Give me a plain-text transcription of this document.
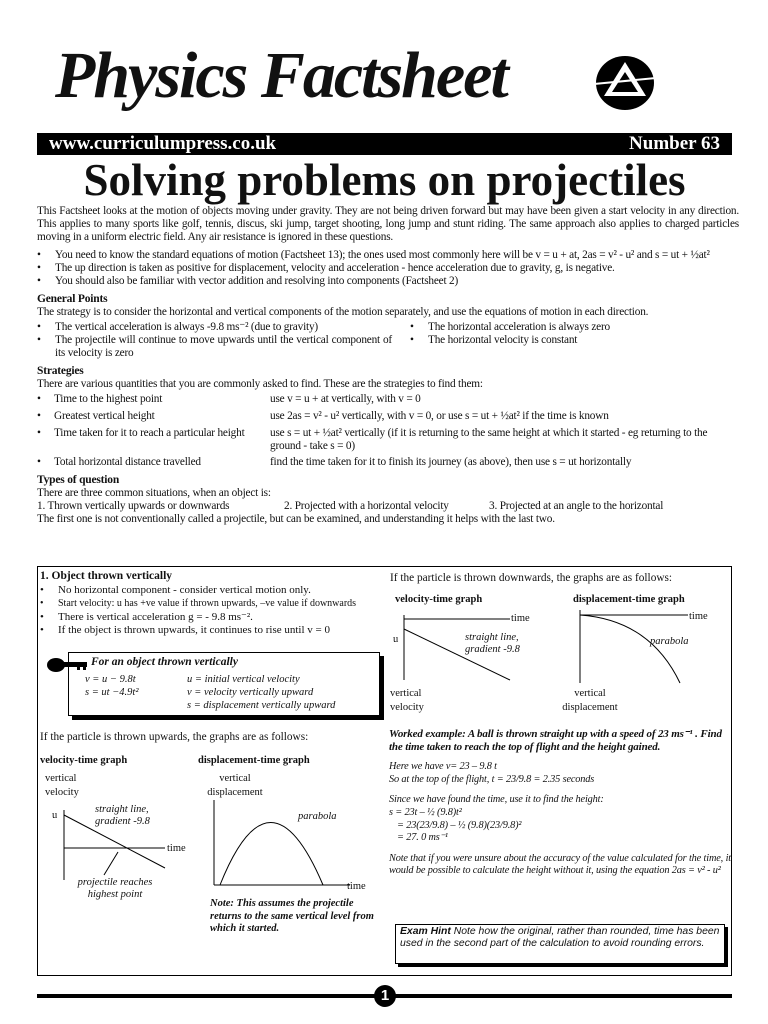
Physics Factsheet
www.curriculumpress.co.uk	Number 63
Solving problems on projectiles

This Factsheet looks at the motion of objects moving under gravity. They are not being driven forward but may have been given a start velocity in any direction. This applies to many sports like golf, tennis, discus, ski jump, target shooting, long jump and stunt riding. The same approach also applies to charged particles moving in a uniform electric field. Any air resistance is ignored in these questions.

• You need to know the standard equations of motion (Factsheet 13); the ones used most commonly here will be v = u + at, 2as = v² - u² and s = ut + ½at²
• The up direction is taken as positive for displacement, velocity and acceleration - hence acceleration due to gravity, g, is negative.
• You should also be familiar with vector addition and resolving into components (Factsheet 2)
General Points

The strategy is to consider the horizontal and vertical components of the motion separately, and use the equations of motion in each direction.

• The vertical acceleration is always -9.8 ms⁻² (due to gravity)
• The projectile will continue to move upwards until the vertical component of its velocity is zero
• The horizontal acceleration is always zero
• The horizontal velocity is constant
Strategies

There are various quantities that you are commonly asked to find. These are the strategies to find them:

• Time to the highest point	use v = u + at vertically, with v = 0
• Greatest vertical height	use 2as = v² - u² vertically, with v = 0, or use s = ut + ½at² if the time is known
• Time taken for it to reach a particular height	use s = ut + ½at² vertically (if it is returning to the same height at which it started - eg returning to the ground - take s = 0)
• Total horizontal distance travelled	find the time taken for it to finish its journey (as above), then use s = ut horizontally
Types of question

There are three common situations, when an object is:

1. Thrown vertically upwards or downwards	2. Projected with a horizontal velocity	3. Projected at an angle to the horizontal

The first one is not conventionally called a projectile, but can be examined, and understanding it helps with the last two.

1. Object thrown vertically
• No horizontal component - consider vertical motion only.
• Start velocity: u has +ve value if thrown upwards, –ve value if downwards
• There is vertical acceleration g = - 9.8 ms⁻².
• If the object is thrown upwards, it continues to rise until v = 0
For an object thrown vertically
v = u − 9.8t
s = ut −4.9t²
u = initial vertical velocity
v = velocity vertically upward
s = displacement vertically upward
If the particle is thrown upwards, the graphs are as follows:
velocity-time graph	displacement-time graph
vertical velocity
vertical displacement
u
straight line,
gradient -9.8
time
projectile reaches highest point
parabola
time
Note: This assumes the projectile returns to the same vertical level from which it started.
If the particle is thrown downwards, the graphs are as follows:
velocity-time graph	displacement-time graph
u
time
straight line,
gradient -9.8
time
parabola
vertical velocity
vertical displacement

Worked example: A ball is thrown straight up with a speed of 23 ms⁻¹ . Find the time taken to reach the top of flight and the height gained.

Here we have v= 23 – 9.8 t

So at the top of the flight, t = 23/9.8 = 2.35 seconds

Since we have found the time, use it to find the height:

s = 23t – ½ (9.8)t²

= 23(23/9.8) – ½ (9.8)(23/9.8)²

= 27. 0 ms⁻¹

Note that if you were unsure about the accuracy of the value calculated for the time, it would be possible to calculate the height without it, using the equation 2as = v² - u²

Exam Hint Note how the original, rather than rounded, time has been used in the second part of the calculation to avoid rounding errors.
1
